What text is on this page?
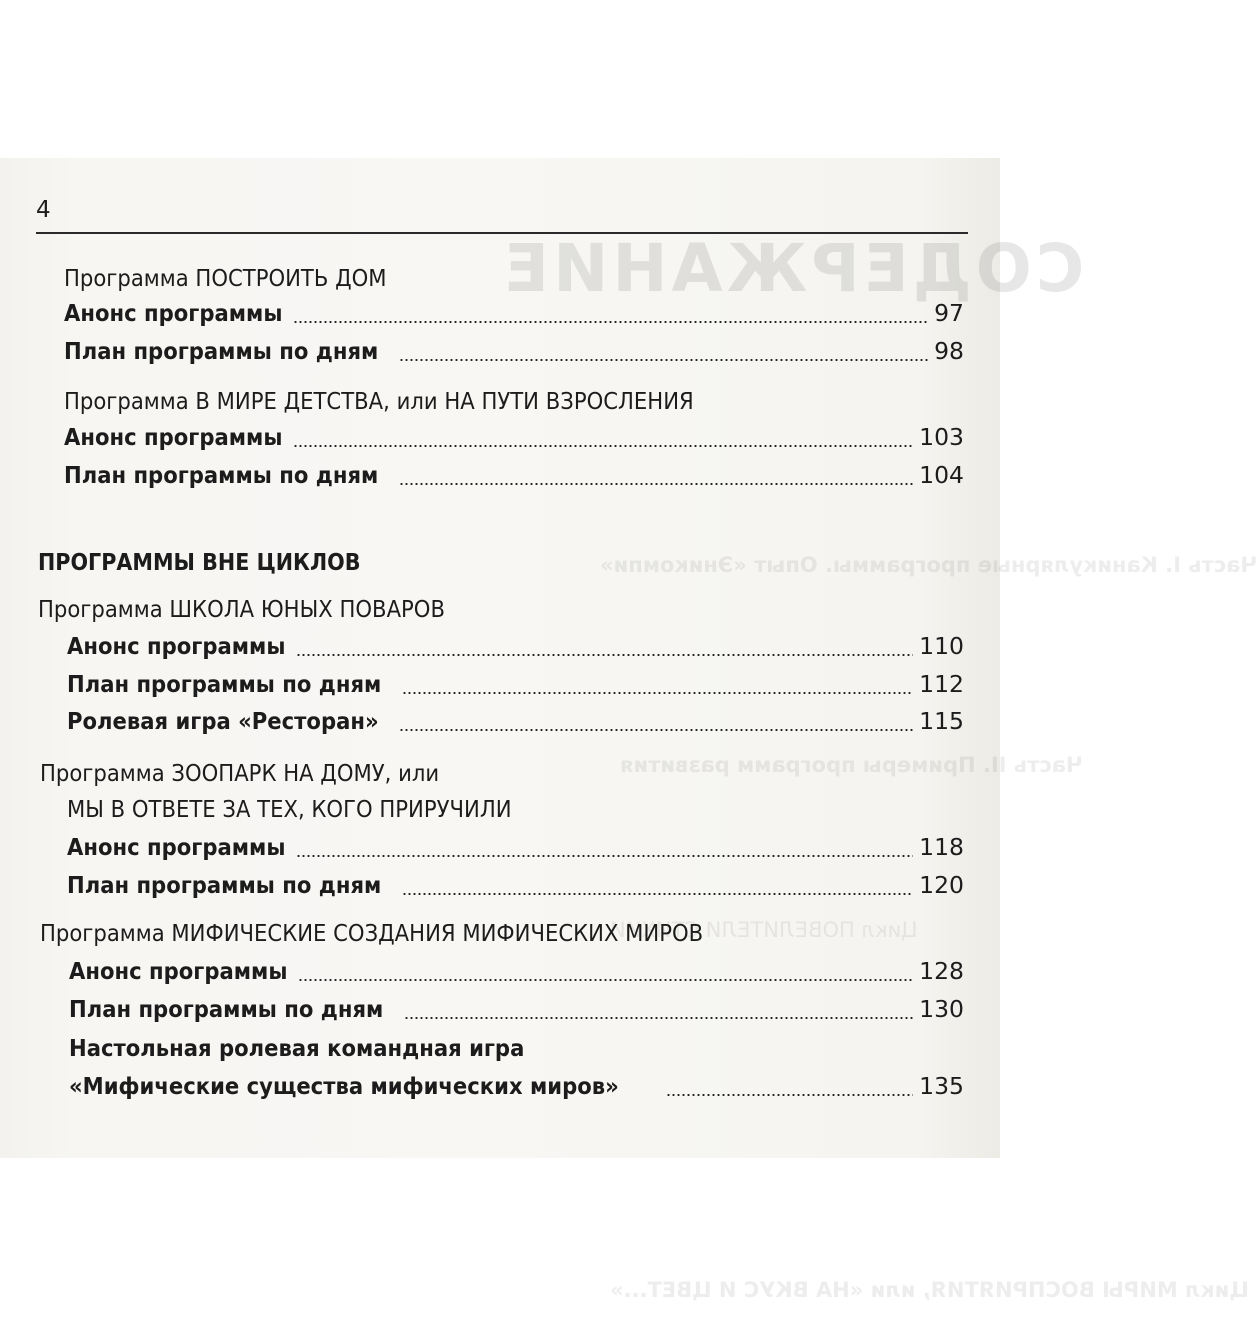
СОДЕРЖАНИЕ
Часть I. Каникулярные программы. Опыт «Эникомпи»
Часть II. Примеры программ развития
Цикл ПОВЕЛИТЕЛИ СТИХИИ
Цикл МИРЫ ВОСПРИЯТИЯ, или «НА ВКУС И ЦВЕТ...»
4
Программа ПОСТРОИТЬ ДОМ
Анонс программы	97
План программы по дням	98
Программа В МИРЕ ДЕТСТВА, или НА ПУТИ ВЗРОСЛЕНИЯ
Анонс программы	103
План программы по дням	104
ПРОГРАММЫ ВНЕ ЦИКЛОВ
Программа ШКОЛА ЮНЫХ ПОВАРОВ
Анонс программы	110
План программы по дням	112
Ролевая игра «Ресторан»	115
Программа ЗООПАРК НА ДОМУ, или
МЫ В ОТВЕТЕ ЗА ТЕХ, КОГО ПРИРУЧИЛИ
Анонс программы	118
План программы по дням	120
Программа МИФИЧЕСКИЕ СОЗДАНИЯ МИФИЧЕСКИХ МИРОВ
Анонс программы	128
План программы по дням	130
Настольная ролевая командная игра
«Мифические существа мифических миров»	135
